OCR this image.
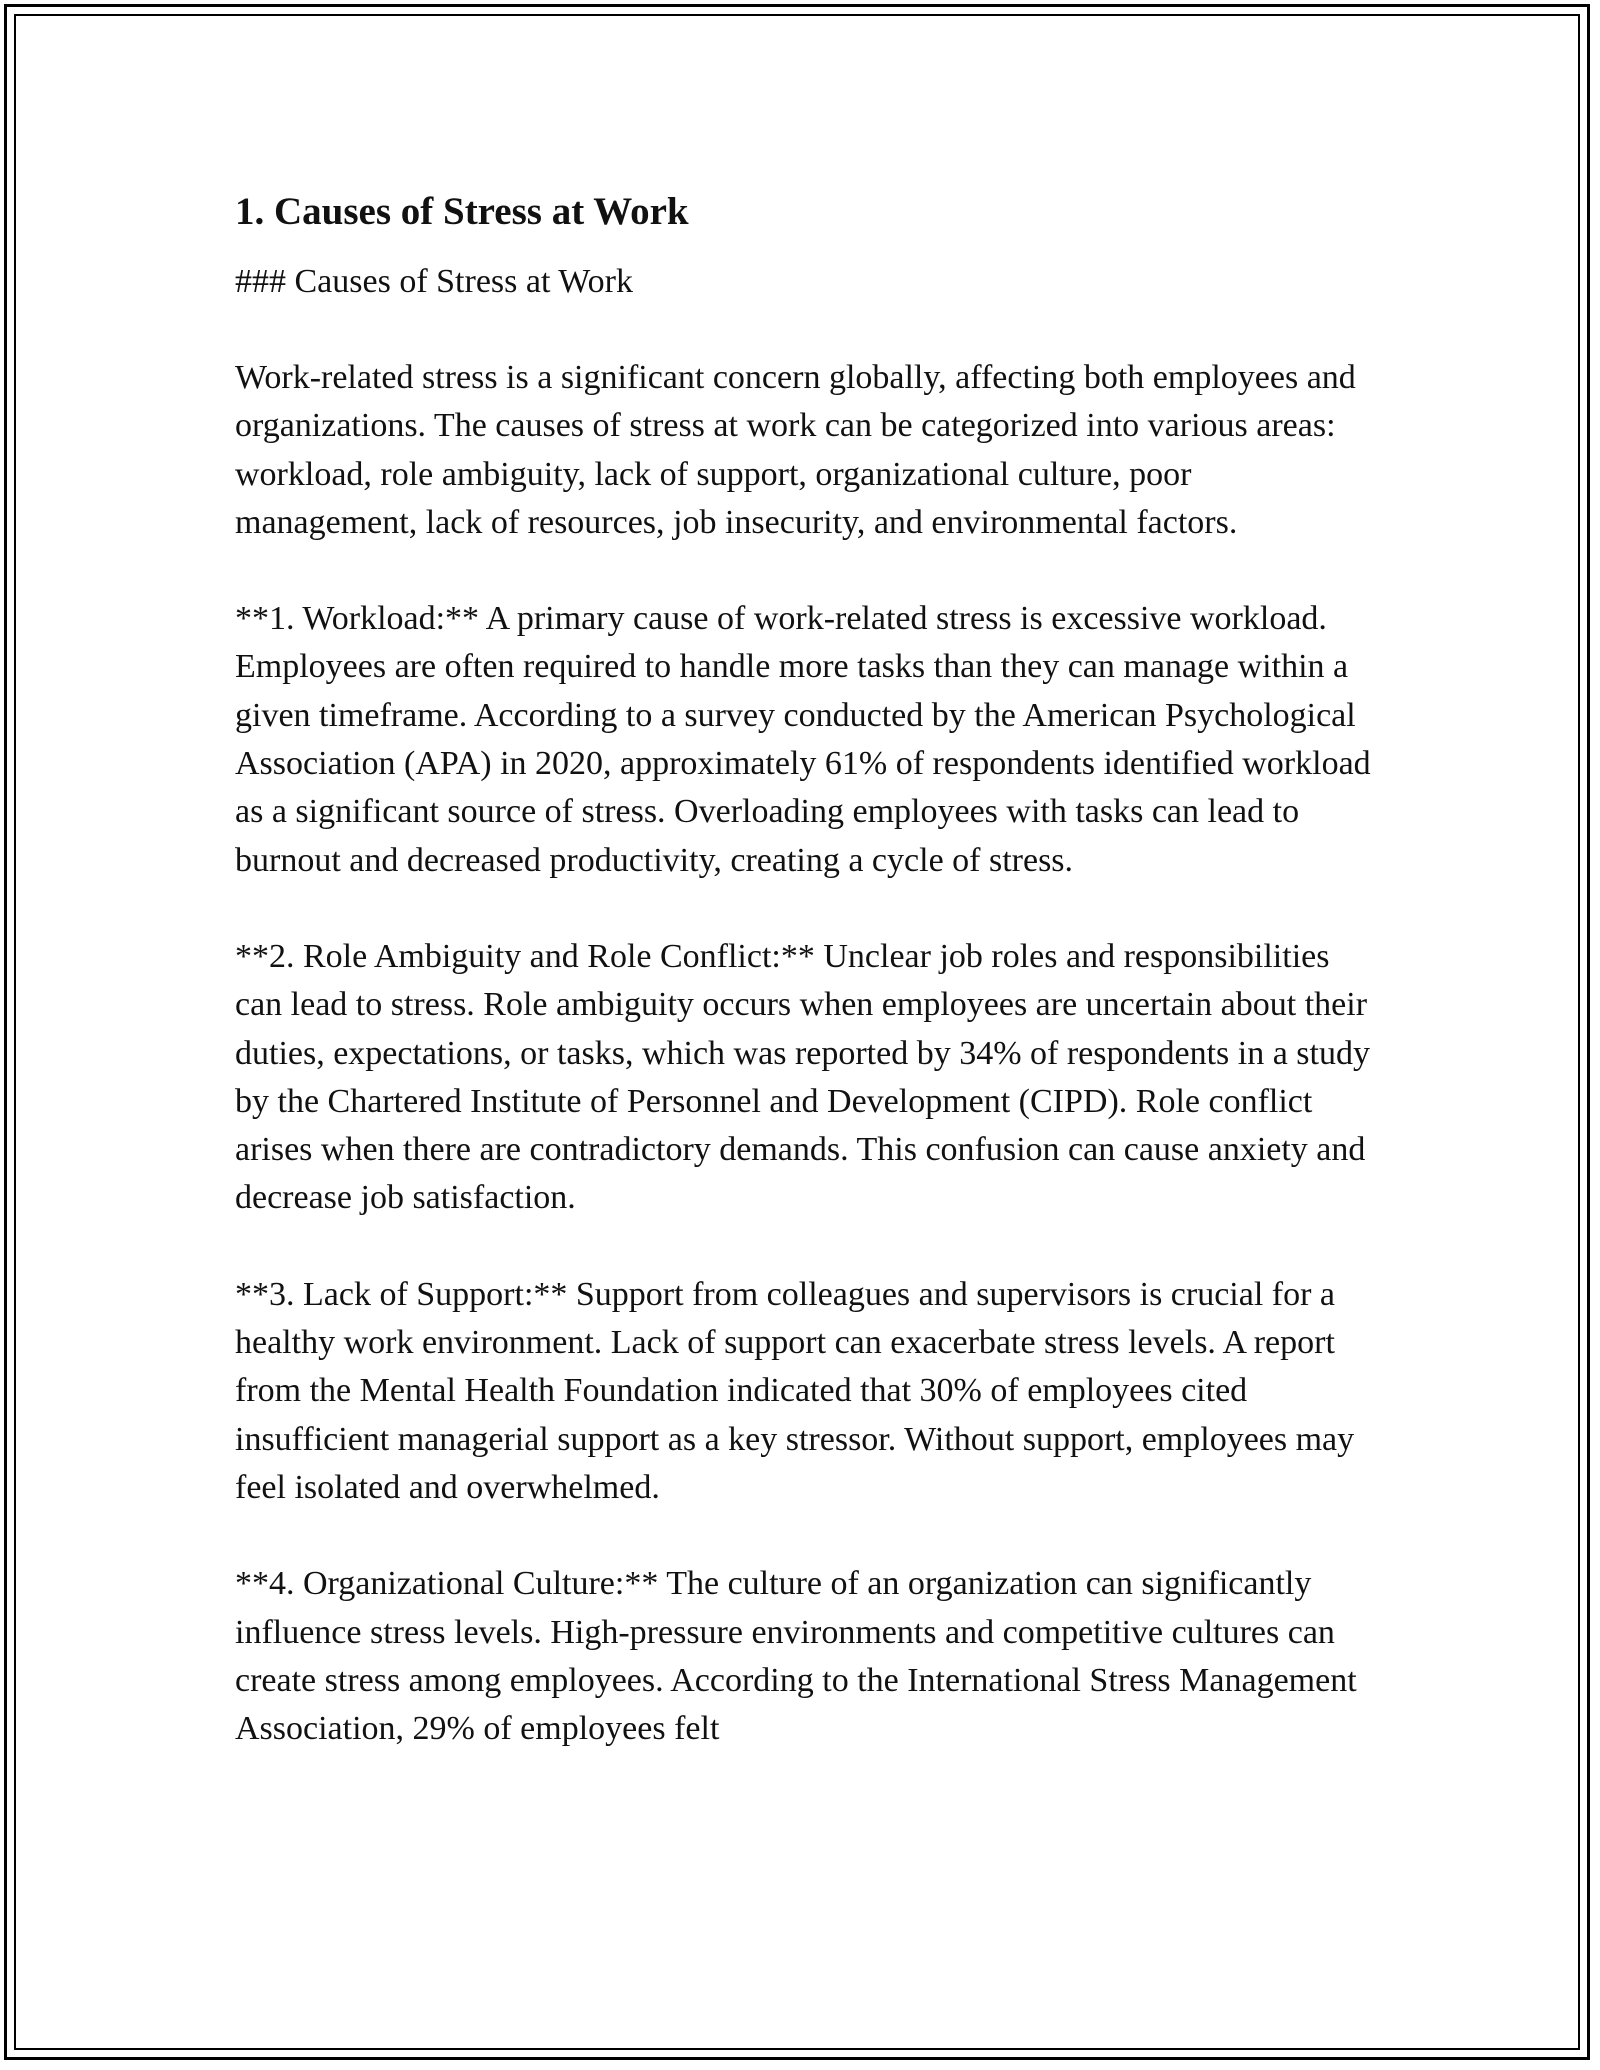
1. Causes of Stress at Work
### Causes of Stress at Work

Work-related stress is a significant concern globally, affecting both employees and organizations. The causes of stress at work can be categorized into various areas: workload, role ambiguity, lack of support, organizational culture, poor management, lack of resources, job insecurity, and environmental factors.

**1. Workload:** A primary cause of work-related stress is excessive workload. Employees are often required to handle more tasks than they can manage within a given timeframe. According to a survey conducted by the American Psychological Association (APA) in 2020, approximately 61% of respondents identified workload as a significant source of stress. Overloading employees with tasks can lead to burnout and decreased productivity, creating a cycle of stress.

**2. Role Ambiguity and Role Conflict:** Unclear job roles and responsibilities can lead to stress. Role ambiguity occurs when employees are uncertain about their duties, expectations, or tasks, which was reported by 34% of respondents in a study by the Chartered Institute of Personnel and Development (CIPD). Role conflict arises when there are contradictory demands. This confusion can cause anxiety and decrease job satisfaction.

**3. Lack of Support:** Support from colleagues and supervisors is crucial for a healthy work environment. Lack of support can exacerbate stress levels. A report from the Mental Health Foundation indicated that 30% of employees cited insufficient managerial support as a key stressor. Without support, employees may feel isolated and overwhelmed.

**4. Organizational Culture:** The culture of an organization can significantly influence stress levels. High-pressure environments and competitive cultures can create stress among employees. According to the International Stress Management Association, 29% of employees felt
